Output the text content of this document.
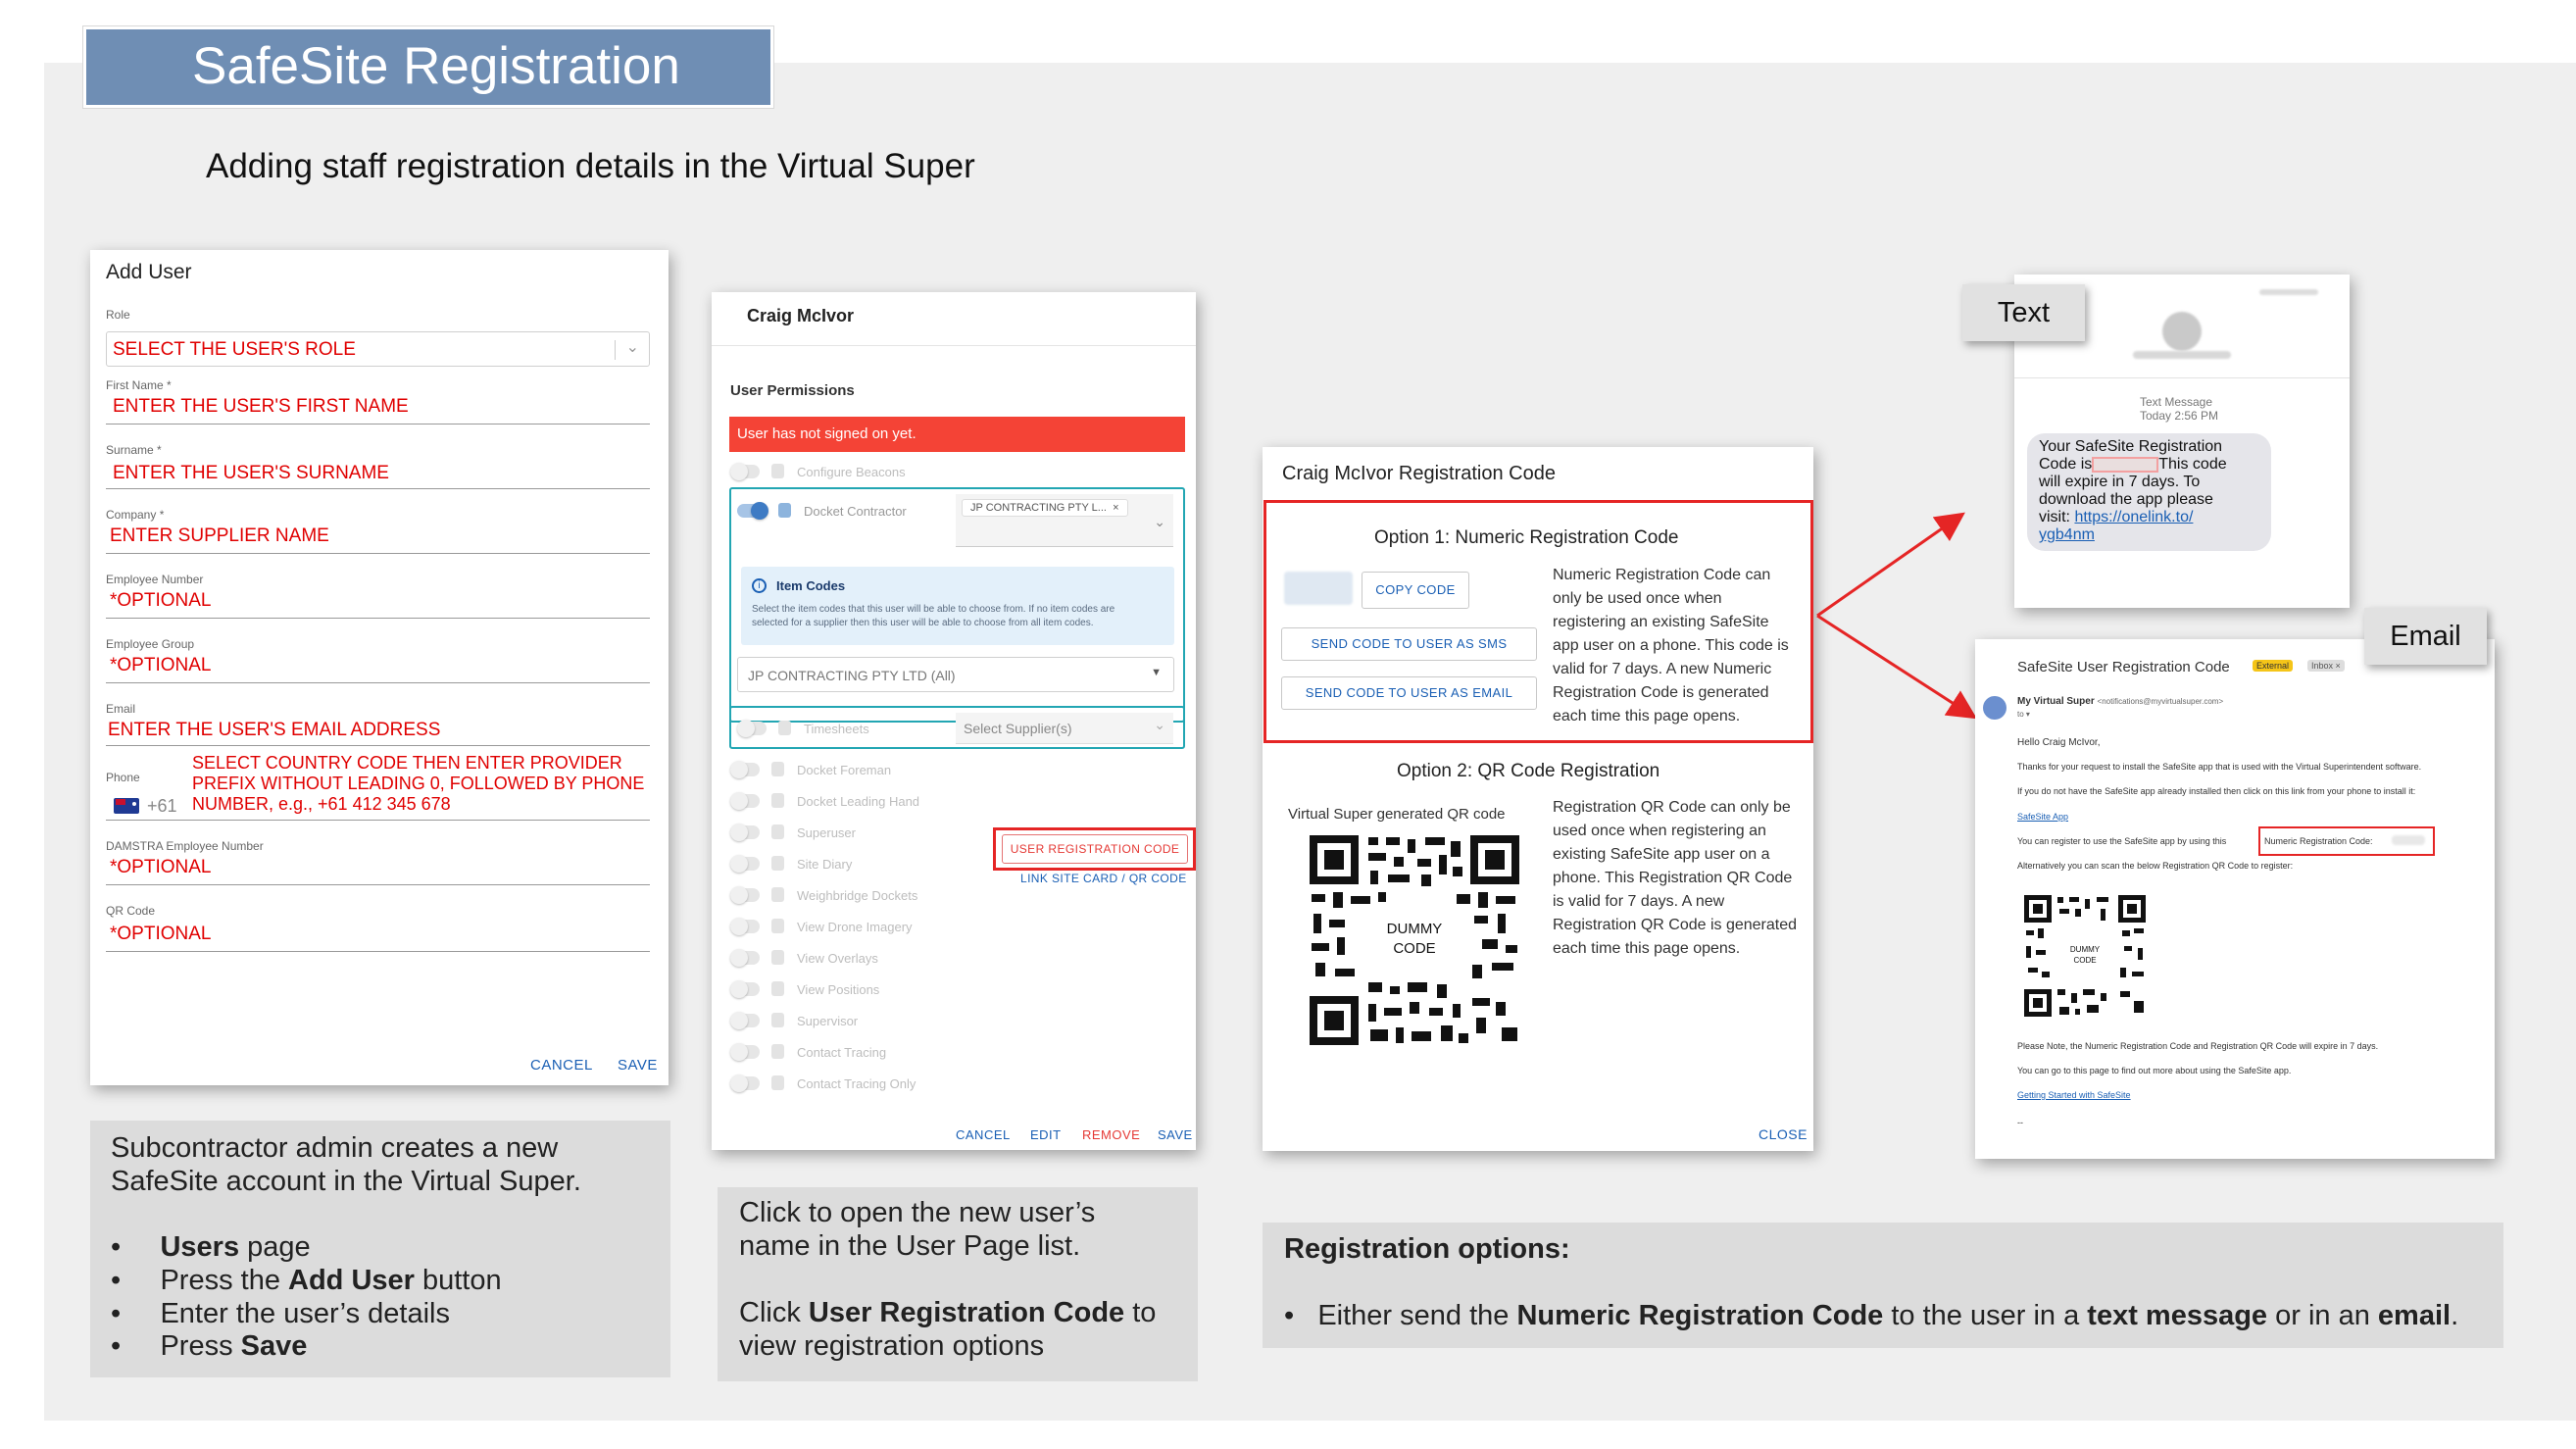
SafeSite Registration
Adding staff registration details in the Virtual Super
Add User
Role
SELECT THE USER'S ROLE	⌄
First Name *
ENTER THE USER'S FIRST NAME
Surname *
ENTER THE USER'S SURNAME
Company *
ENTER SUPPLIER NAME
Employee Number
*OPTIONAL
Employee Group
*OPTIONAL
Email
ENTER THE USER'S EMAIL ADDRESS
Phone
+61
SELECT COUNTRY CODE THEN ENTER PROVIDER
PREFIX WITHOUT LEADING 0, FOLLOWED BY PHONE
NUMBER, e.g., +61 412 345 678
DAMSTRA Employee Number
*OPTIONAL
QR Code
*OPTIONAL
CANCEL SAVE
Subcontractor admin creates a new
SafeSite account in the Virtual Super.
•     Users page
•     Press the Add User button
•     Enter the user’s details
•     Press Save
Craig McIvor
User Permissions
User has not signed on yet.
Configure Beacons
Docket Contractor	JP CONTRACTING PTY L...  ×
⌄
i	Item Codes
Select the item codes that this user will be able to choose from. If no item codes are
selected for a supplier then this user will be able to choose from all item codes.
JP CONTRACTING PTY LTD (All)	▼
Timesheets	Select Supplier(s)	⌄
Docket Foreman
Docket Leading Hand
Superuser
Site Diary
Weighbridge Dockets
View Drone Imagery
View Overlays
View Positions
Supervisor
Contact Tracing
Contact Tracing Only
USER REGISTRATION CODE
LINK SITE CARD / QR CODE
CANCEL EDIT REMOVE SAVE
Click to open the new user’s
name in the User Page list.
Click User Registration Code to
view registration options
Craig McIvor Registration Code
Option 1: Numeric Registration Code
COPY CODE
SEND CODE TO USER AS SMS
SEND CODE TO USER AS EMAIL
Numeric Registration Code can
only be used once when
registering an existing SafeSite
app user on a phone. This code is
valid for 7 days. A new Numeric
Registration Code is generated
each time this page opens.
Option 2: QR Code Registration
Virtual Super generated QR code
DUMMY
CODE
Registration QR Code can only be
used once when registering an
existing SafeSite app user on a
phone. This Registration QR Code
is valid for 7 days. A new
Registration QR Code is generated
each time this page opens.
CLOSE
Registration options:
•   Either send the Numeric Registration Code to the user in a text message or in an email.
Text Message
Today 2:56 PM
Your SafeSite Registration
Code is	This code
will expire in 7 days. To
download the app please
visit: https://onelink.to/
ygb4nm
Text
SafeSite User Registration Code	External	Inbox ×
My Virtual Super <notifications@myvirtualsuper.com>
to ▾
Hello Craig McIvor,
Thanks for your request to install the SafeSite app that is used with the Virtual Superintendent software.
If you do not have the SafeSite app already installed then click on this link from your phone to install it:
SafeSite App
You can register to use the SafeSite app by using this	Numeric Registration Code:
Alternatively you can scan the below Registration QR Code to register:
DUMMY
CODE
Please Note, the Numeric Registration Code and Registration QR Code will expire in 7 days.
You can go to this page to find out more about using the SafeSite app.
Getting Started with SafeSite
--
Email
